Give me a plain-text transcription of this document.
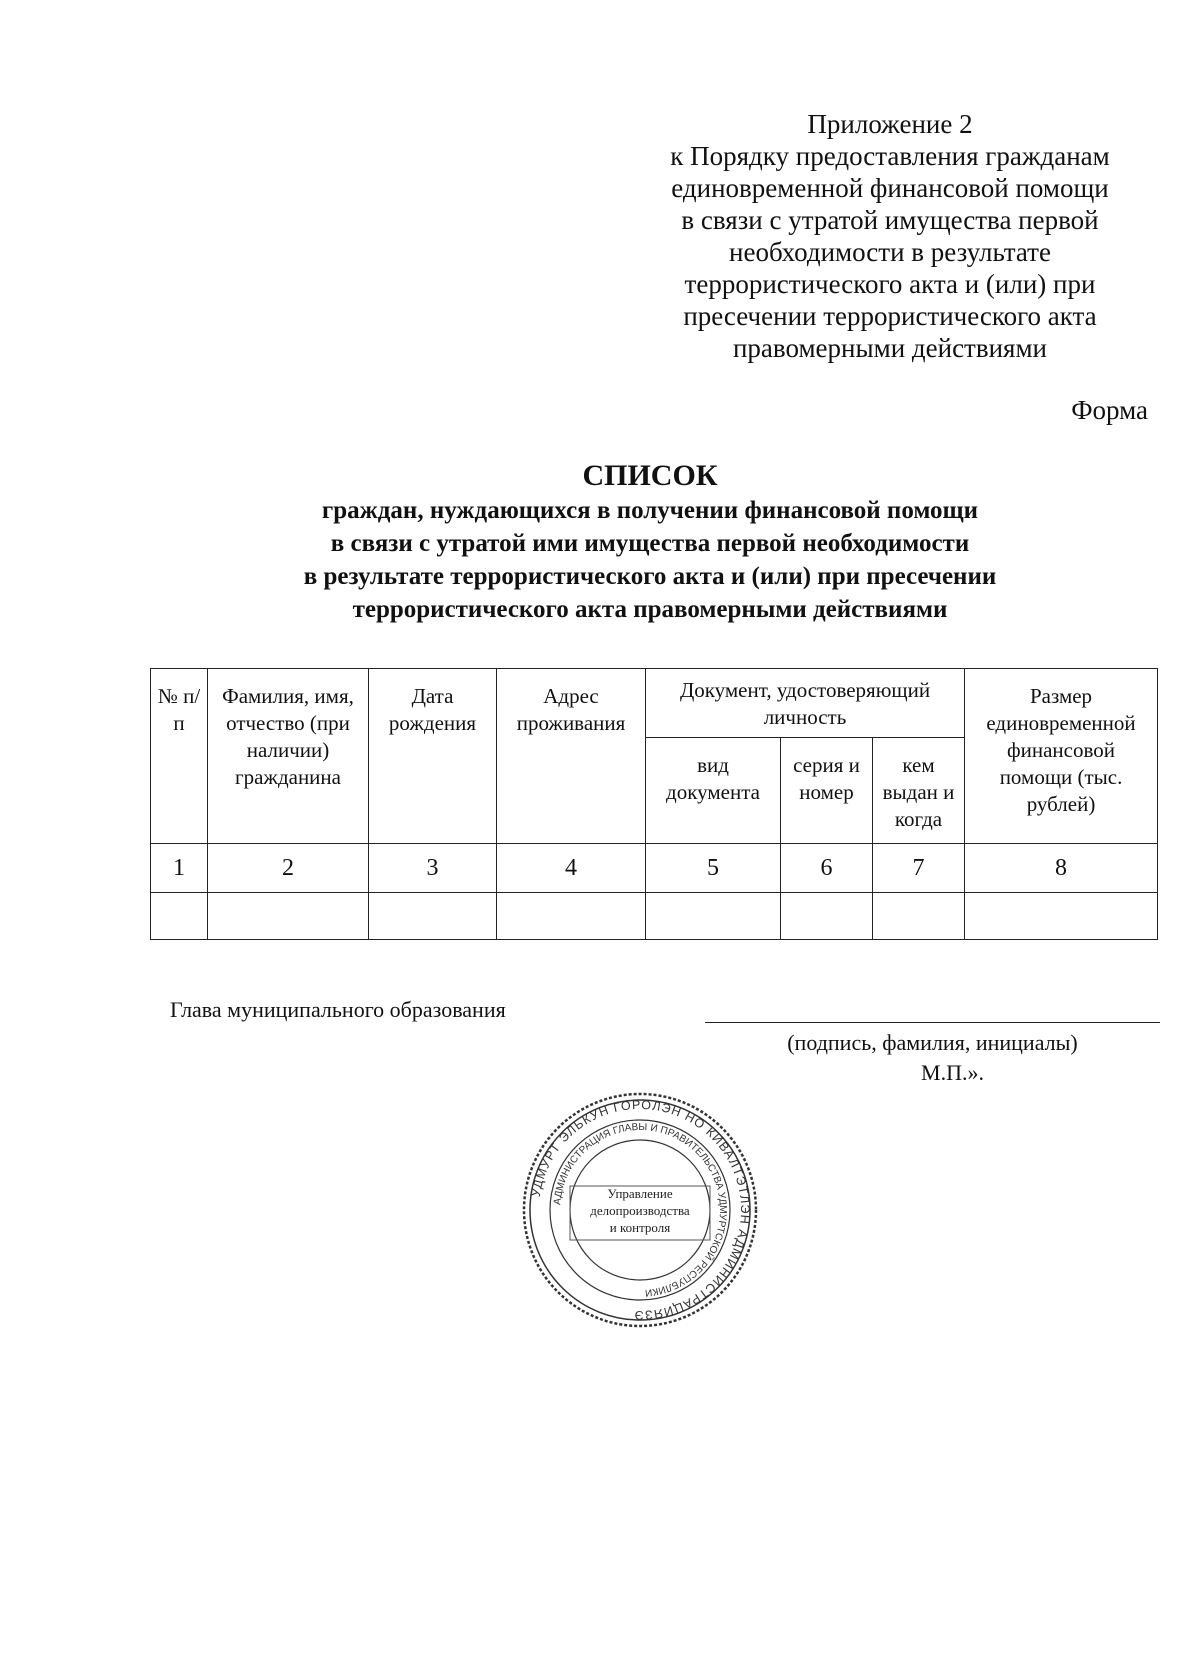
Приложение 2
к Порядку предоставления гражданам
единовременной финансовой помощи
в связи с утратой имущества первой
необходимости в результате
террористического акта и (или) при
пресечении террористического акта
правомерными действиями
Форма
СПИСОК
граждан, нуждающихся в получении финансовой помощи
в связи с утратой ими имущества первой необходимости
в результате террористического акта и (или) при пресечении
террористического акта правомерными действиями
№ п/п	Фамилия, имя, отчество (при наличии) гражданина	Дата рождения	Адрес проживания	Документ, удостоверяющий личность			Размер единовременной финансовой помощи (тыс. рублей)
				вид документа	серия и номер	кем выдан и когда	
1	2	3	4	5	6	7	8

Глава муниципального образования
(подпись, фамилия, инициалы)
М.П.».
УДМУРТ ЭЛЬКУН ГОРОЛЭН НО КИВАЛТЭТЛЭН АДМИНИСТРАЦИЯЗЭ
АДМИНИСТРАЦИЯ ГЛАВЫ И ПРАВИТЕЛЬСТВА УДМУРТСКОЙ РЕСПУБЛИКИ
Управление
делопроизводства
и контроля
